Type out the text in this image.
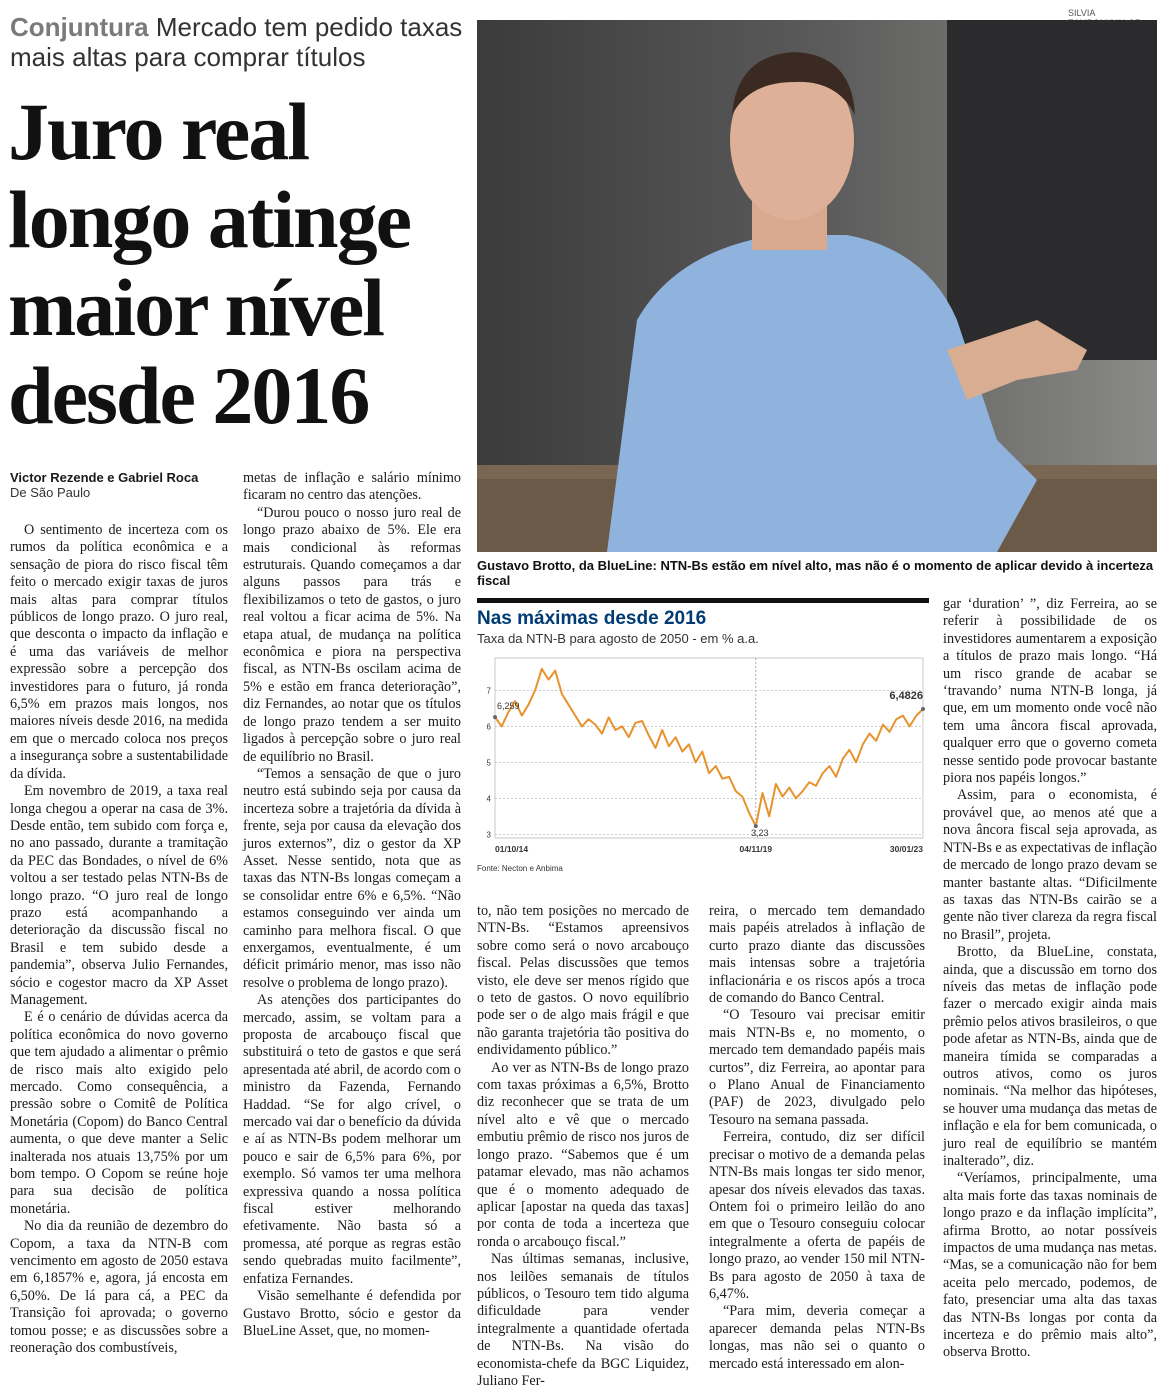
Conjuntura Mercado tem pedido taxas mais altas para comprar títulos
Juro real longo atinge maior nível desde 2016
SILVIA
Gustavo Brotto, da BlueLine: NTN-Bs estão em nível alto, mas não é o momento de aplicar devido à incerteza fiscal
Victor Rezende e Gabriel Roca
De São Paulo

O sentimento de incerteza com os rumos da política econômica e a sensação de piora do risco fiscal têm feito o mercado exigir taxas de juros mais altas para comprar títulos públicos de longo prazo. O juro real, que desconta o impacto da inflação e é uma das variáveis de melhor expressão sobre a percepção dos investidores para o futuro, já ronda 6,5% em prazos mais longos, nos maiores níveis desde 2016, na medida em que o mercado coloca nos preços a insegurança sobre a sustentabilidade da dívida.

Em novembro de 2019, a taxa real longa chegou a operar na casa de 3%. Desde então, tem subido com força e, no ano passado, durante a tramitação da PEC das Bondades, o nível de 6% voltou a ser testado pelas NTN-Bs de longo prazo. “O juro real de longo prazo está acompanhando a deterioração da discussão fiscal no Brasil e tem subido desde a pandemia”, observa Julio Fernandes, sócio e cogestor macro da XP Asset Management.

E é o cenário de dúvidas acerca da política econômica do novo governo que tem ajudado a alimentar o prêmio de risco mais alto exigido pelo mercado. Como consequência, a pressão sobre o Comitê de Política Monetária (Copom) do Banco Central aumenta, o que deve manter a Selic inalterada nos atuais 13,75% por um bom tempo. O Copom se reúne hoje para sua decisão de política monetária.

No dia da reunião de dezembro do Copom, a taxa da NTN-B com vencimento em agosto de 2050 estava em 6,1857% e, agora, já encosta em 6,50%. De lá para cá, a PEC da Transição foi aprovada; o governo tomou posse; e as discussões sobre a reoneração dos combustíveis,

metas de inflação e salário mínimo ficaram no centro das atenções.

“Durou pouco o nosso juro real de longo prazo abaixo de 5%. Ele era mais condicional às reformas estruturais. Quando começamos a dar alguns passos para trás e flexibilizamos o teto de gastos, o juro real voltou a ficar acima de 5%. Na etapa atual, de mudança na política econômica e piora na perspectiva fiscal, as NTN-Bs oscilam acima de 5% e estão em franca deterioração”, diz Fernandes, ao notar que os títulos de longo prazo tendem a ser muito ligados à percepção sobre o juro real de equilíbrio no Brasil.

“Temos a sensação de que o juro neutro está subindo seja por causa da incerteza sobre a trajetória da dívida à frente, seja por causa da elevação dos juros externos”, diz o gestor da XP Asset. Nesse sentido, nota que as taxas das NTN-Bs longas começam a se consolidar entre 6% e 6,5%. “Não estamos conseguindo ver ainda um caminho para melhora fiscal. O que enxergamos, eventualmente, é um déficit primário menor, mas isso não resolve o problema de longo prazo).

As atenções dos participantes do mercado, assim, se voltam para a proposta de arcabouço fiscal que substituirá o teto de gastos e que será apresentada até abril, de acordo com o ministro da Fazenda, Fernando Haddad. “Se for algo crível, o mercado vai dar o benefício da dúvida e aí as NTN-Bs podem melhorar um pouco e sair de 6,5% para 6%, por exemplo. Só vamos ter uma melhora expressiva quando a nossa política fiscal estiver melhorando efetivamente. Não basta só a promessa, até porque as regras estão sendo quebradas muito facilmente”, enfatiza Fernandes.

Visão semelhante é defendida por Gustavo Brotto, sócio e gestor da BlueLine Asset, que, no momen-

Nas máximas desde 2016
Taxa da NTN-B para agosto de 2050 - em % a.a.
3
4
5
6
7
01/10/14	04/11/19	30/01/23
6,259
3,23
6,4826
Fonte: Necton e Anbima

to, não tem posições no mercado de NTN-Bs. “Estamos apreensivos sobre como será o novo arcabouço fiscal. Pelas discussões que temos visto, ele deve ser menos rígido que o teto de gastos. O novo equilíbrio pode ser o de algo mais frágil e que não garanta trajetória tão positiva do endividamento público.”

Ao ver as NTN-Bs de longo prazo com taxas próximas a 6,5%, Brotto diz reconhecer que se trata de um nível alto e vê que o mercado embutiu prêmio de risco nos juros de longo prazo. “Sabemos que é um patamar elevado, mas não achamos que é o momento adequado de aplicar [apostar na queda das taxas] por conta de toda a incerteza que ronda o arcabouço fiscal.”

Nas últimas semanas, inclusive, nos leilões semanais de títulos públicos, o Tesouro tem tido alguma dificuldade para vender integralmente a quantidade ofertada de NTN-Bs. Na visão do economista-chefe da BGC Liquidez, Juliano Fer-

reira, o mercado tem demandado mais papéis atrelados à inflação de curto prazo diante das discussões mais intensas sobre a trajetória inflacionária e os riscos após a troca de comando do Banco Central.

“O Tesouro vai precisar emitir mais NTN-Bs e, no momento, o mercado tem demandado papéis mais curtos”, diz Ferreira, ao apontar para o Plano Anual de Financiamento (PAF) de 2023, divulgado pelo Tesouro na semana passada.

Ferreira, contudo, diz ser difícil precisar o motivo de a demanda pelas NTN-Bs mais longas ter sido menor, apesar dos níveis elevados das taxas. Ontem foi o primeiro leilão do ano em que o Tesouro conseguiu colocar integralmente a oferta de papéis de longo prazo, ao vender 150 mil NTN-Bs para agosto de 2050 à taxa de 6,47%.

“Para mim, deveria começar a aparecer demanda pelas NTN-Bs longas, mas não sei o quanto o mercado está interessado em alon-

gar ‘duration’ ”, diz Ferreira, ao se referir à possibilidade de os investidores aumentarem a exposição a títulos de prazo mais longo. “Há um risco grande de acabar se ‘travando’ numa NTN-B longa, já que, em um momento onde você não tem uma âncora fiscal aprovada, qualquer erro que o governo cometa nesse sentido pode provocar bastante piora nos papéis longos.”

Assim, para o economista, é provável que, ao menos até que a nova âncora fiscal seja aprovada, as NTN-Bs e as expectativas de inflação de mercado de longo prazo devam se manter bastante altas. “Dificilmente as taxas das NTN-Bs cairão se a gente não tiver clareza da regra fiscal no Brasil”, projeta.

Brotto, da BlueLine, constata, ainda, que a discussão em torno dos níveis das metas de inflação pode fazer o mercado exigir ainda mais prêmio pelos ativos brasileiros, o que pode afetar as NTN-Bs, ainda que de maneira tímida se comparadas a outros ativos, como os juros nominais. “Na melhor das hipóteses, se houver uma mudança das metas de inflação e ela for bem comunicada, o juro real de equilíbrio se mantém inalterado”, diz.

“Veríamos, principalmente, uma alta mais forte das taxas nominais de longo prazo e da inflação implícita”, afirma Brotto, ao notar possíveis impactos de uma mudança nas metas. “Mas, se a comunicação não for bem aceita pelo mercado, podemos, de fato, presenciar uma alta das taxas das NTN-Bs longas por conta da incerteza e do prêmio mais alto”, observa Brotto.
